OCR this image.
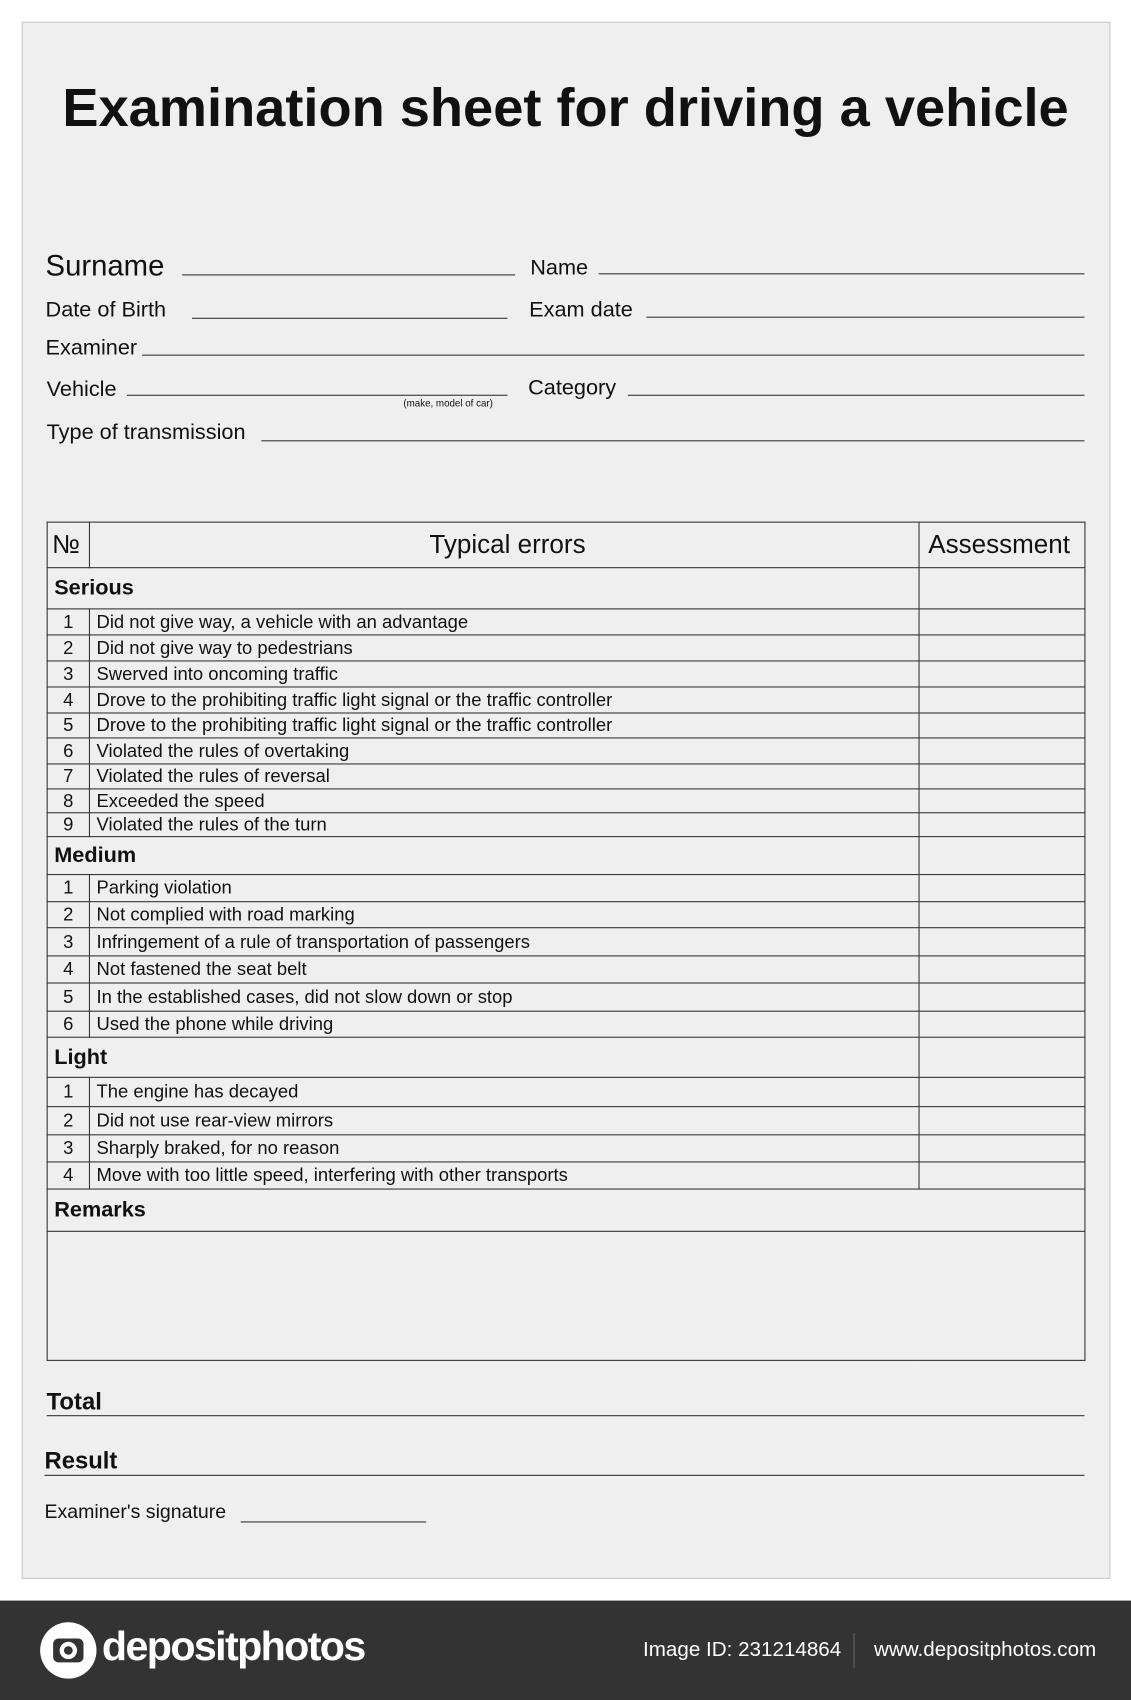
Examination sheet for driving a vehicle
Surname	Name
Date of Birth	Exam date
Examiner
Vehicle
(make, model of car)
Category
Type of transmission
№	Typical errors	Assessment
Serious		
1	Did not give way, a vehicle with an advantage	
2	Did not give way to pedestrians	
3	Swerved into oncoming traffic	
4	Drove to the prohibiting traffic light signal or the traffic controller	
5	Drove to the prohibiting traffic light signal or the traffic controller	
6	Violated the rules of overtaking	
7	Violated the rules of reversal	
8	Exceeded the speed	
9	Violated the rules of the turn	
Medium		
1	Parking violation	
2	Not complied with road marking	
3	Infringement of a rule of transportation of passengers	
4	Not fastened the seat belt	
5	In the established cases, did not slow down or stop	
6	Used the phone while driving	
Light		
1	The engine has decayed	
2	Did not use rear-view mirrors	
3	Sharply braked, for no reason	
4	Move with too little speed, interfering with other transports	
Remarks		

Total
Result
Examiner's signature
depositphotos	Image ID: 231214864 www.depositphotos.com
